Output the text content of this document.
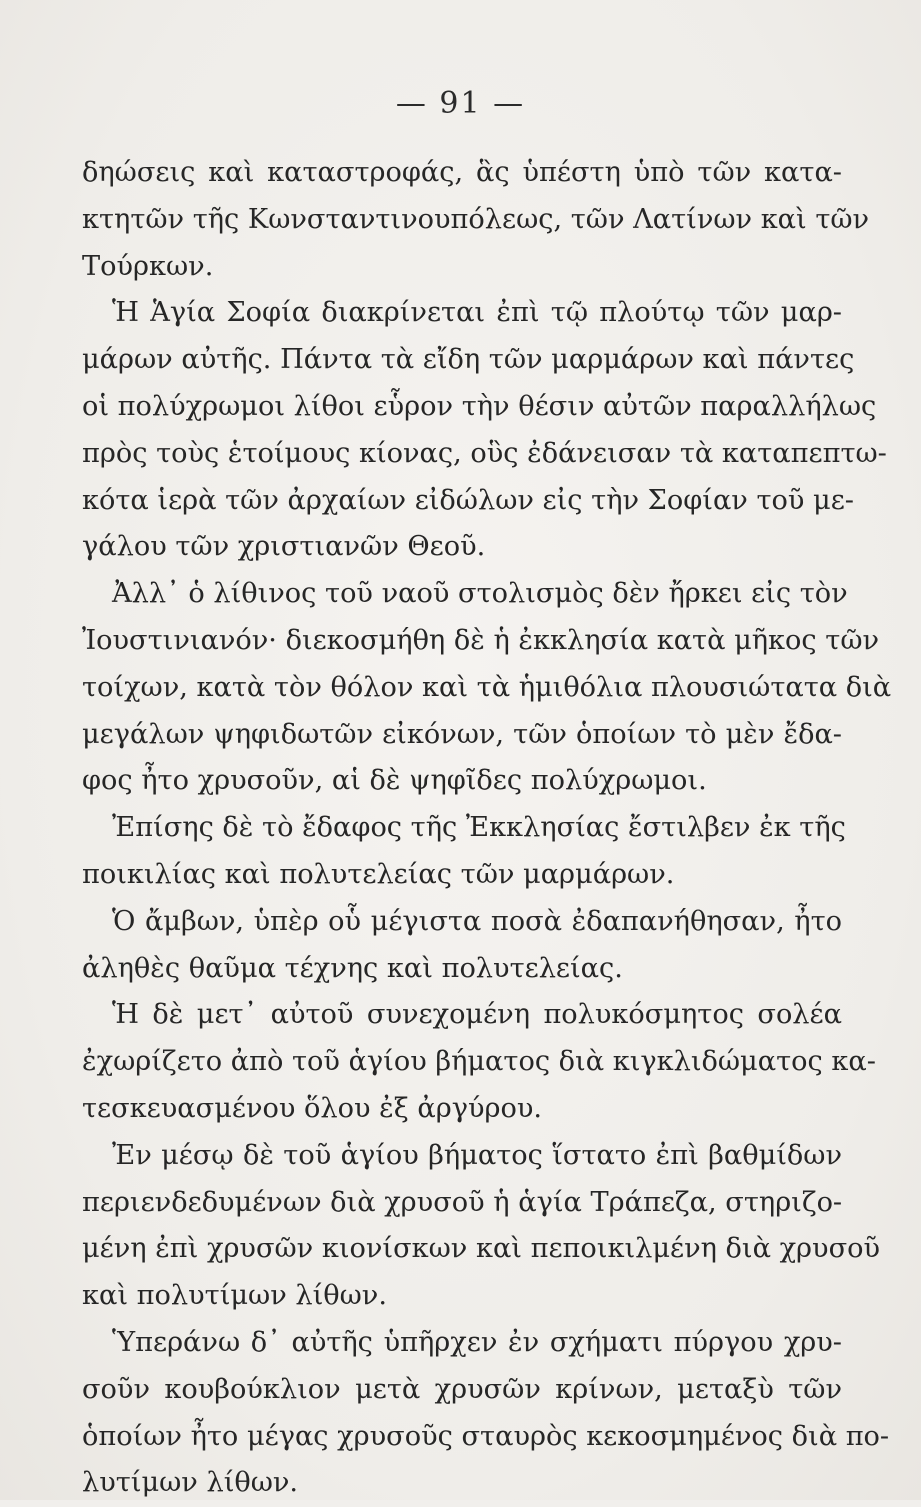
— 91 —
δηώσεις καὶ καταστροφάς, ἃς ὑπέστη ὑπὸ τῶν κατα-
κτητῶν τῆς Κωνσταντινουπόλεως, τῶν Λατίνων καὶ τῶν
Τούρκων.
Ἡ Ἁγία Σοφία διακρίνεται ἐπὶ τῷ πλούτῳ τῶν μαρ-
μάρων αὐτῆς. Πάντα τὰ εἴδη τῶν μαρμάρων καὶ πάντες
οἱ πολύχρωμοι λίθοι εὗρον τὴν θέσιν αὐτῶν παραλλήλως
πρὸς τοὺς ἑτοίμους κίονας, οὓς ἐδάνεισαν τὰ καταπεπτω-
κότα ἱερὰ τῶν ἀρχαίων εἰδώλων εἰς τὴν Σοφίαν τοῦ με-
γάλου τῶν χριστιανῶν Θεοῦ.
Ἀλλ᾽ ὁ λίθινος τοῦ ναοῦ στολισμὸς δὲν ἤρκει εἰς τὸν
Ἰουστινιανόν· διεκοσμήθη δὲ ἡ ἐκκλησία κατὰ μῆκος τῶν
τοίχων, κατὰ τὸν θόλον καὶ τὰ ἡμιθόλια πλουσιώτατα διὰ
μεγάλων ψηφιδωτῶν εἰκόνων, τῶν ὁποίων τὸ μὲν ἔδα-
φος ἦτο χρυσοῦν, αἱ δὲ ψηφῖδες πολύχρωμοι.
Ἐπίσης δὲ τὸ ἔδαφος τῆς Ἐκκλησίας ἔστιλβεν ἐκ τῆς
ποικιλίας καὶ πολυτελείας τῶν μαρμάρων.
Ὁ ἄμβων, ὑπὲρ οὗ μέγιστα ποσὰ ἐδαπανήθησαν, ἦτο
ἀληθὲς θαῦμα τέχνης καὶ πολυτελείας.
Ἡ δὲ μετ᾽ αὐτοῦ συνεχομένη πολυκόσμητος σολέα
ἐχωρίζετο ἀπὸ τοῦ ἁγίου βήματος διὰ κιγκλιδώματος κα-
τεσκευασμένου ὅλου ἐξ ἀργύρου.
Ἐν μέσῳ δὲ τοῦ ἁγίου βήματος ἵστατο ἐπὶ βαθμίδων
περιενδεδυμένων διὰ χρυσοῦ ἡ ἁγία Τράπεζα, στηριζο-
μένη ἐπὶ χρυσῶν κιονίσκων καὶ πεποικιλμένη διὰ χρυσοῦ
καὶ πολυτίμων λίθων.
Ὑπεράνω δ᾽ αὐτῆς ὑπῆρχεν ἐν σχήματι πύργου χρυ-
σοῦν κουβούκλιον μετὰ χρυσῶν κρίνων, μεταξὺ τῶν
ὁποίων ἦτο μέγας χρυσοῦς σταυρὸς κεκοσμημένος διὰ πο-
λυτίμων λίθων.
